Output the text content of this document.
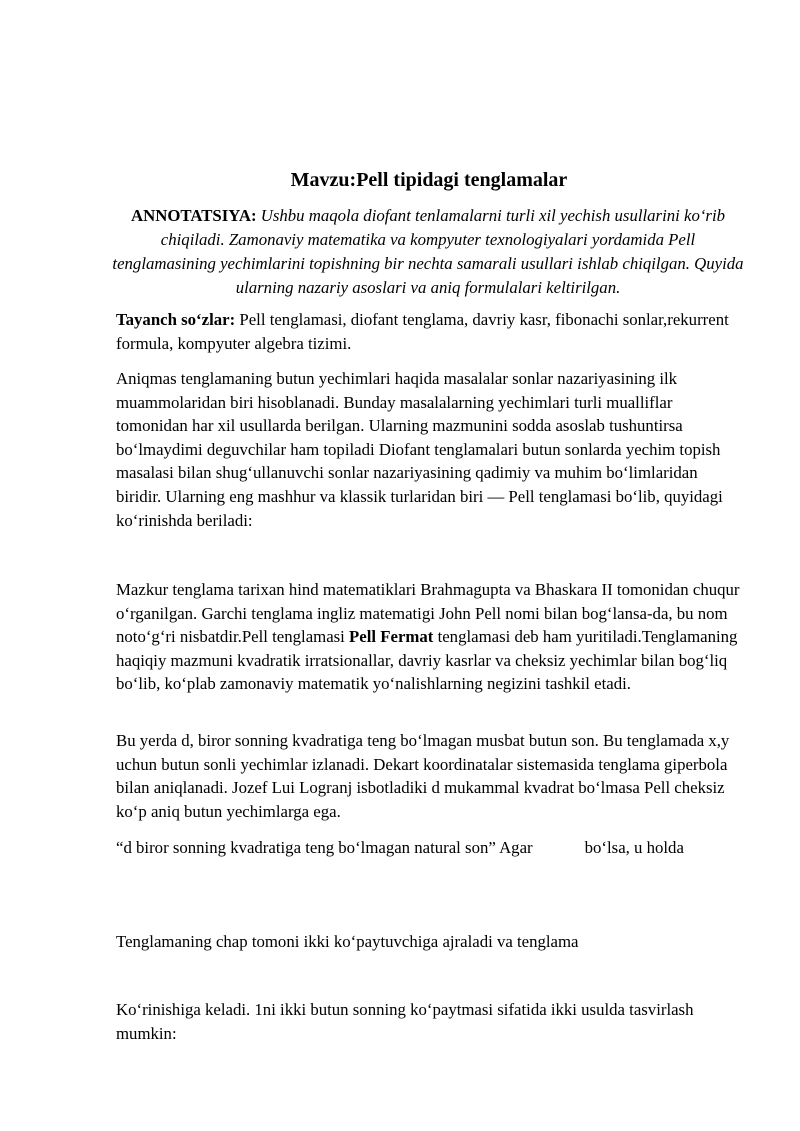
Mavzu:Pell tipidagi tenglamalar
ANNOTATSIYA: Ushbu maqola diofant tenlamalarni turli xil yechish usullarini ko‘rib chiqiladi. Zamonaviy matematika va kompyuter texnologiyalari yordamida Pell tenglamasining yechimlarini topishning bir nechta samarali usullari ishlab chiqilgan. Quyida ularning nazariy asoslari va aniq formulalari keltirilgan.

Tayanch so‘zlar: Pell tenglamasi, diofant tenglama, davriy kasr, fibonachi sonlar,rekurrent formula, kompyuter algebra tizimi.

Aniqmas tenglamaning butun yechimlari haqida masalalar sonlar nazariyasining ilk muammolaridan biri hisoblanadi. Bunday masalalarning yechimlari turli mualliflar tomonidan har xil usullarda berilgan. Ularning mazmunini sodda asoslab tushuntirsa bo‘lmaydimi deguvchilar ham topiladi Diofant tenglamalari butun sonlarda yechim topish masalasi bilan shug‘ullanuvchi sonlar nazariyasining qadimiy va muhim bo‘limlaridan biridir. Ularning eng mashhur va klassik turlaridan biri — Pell tenglamasi bo‘lib, quyidagi ko‘rinishda beriladi:

Mazkur tenglama tarixan hind matematiklari Brahmagupta va Bhaskara II tomonidan chuqur o‘rganilgan. Garchi tenglama ingliz matematigi John Pell nomi bilan bog‘lansa-da, bu nom noto‘g‘ri nisbatdir.Pell tenglamasi Pell Fermat tenglamasi deb ham yuritiladi.Tenglamaning haqiqiy mazmuni kvadratik irratsionallar, davriy kasrlar va cheksiz yechimlar bilan bog‘liq bo‘lib, ko‘plab zamonaviy matematik yo‘nalishlarning negizini tashkil etadi.

Bu yerda d, biror sonning kvadratiga teng bo‘lmagan musbat butun son. Bu tenglamada x,y uchun butun sonli yechimlar izlanadi. Dekart koordinatalar sistemasida tenglama giperbola bilan aniqlanadi. Jozef Lui Logranj isbotladiki d mukammal kvadrat bo‘lmasa Pell cheksiz ko‘p aniq butun yechimlarga ega.

“d biror sonning kvadratiga teng bo‘lmagan natural son” Agar	bo‘lsa, u holda

Tenglamaning chap tomoni ikki ko‘paytuvchiga ajraladi va tenglama

Ko‘rinishiga keladi. 1ni ikki butun sonning ko‘paytmasi sifatida ikki usulda tasvirlash mumkin:
